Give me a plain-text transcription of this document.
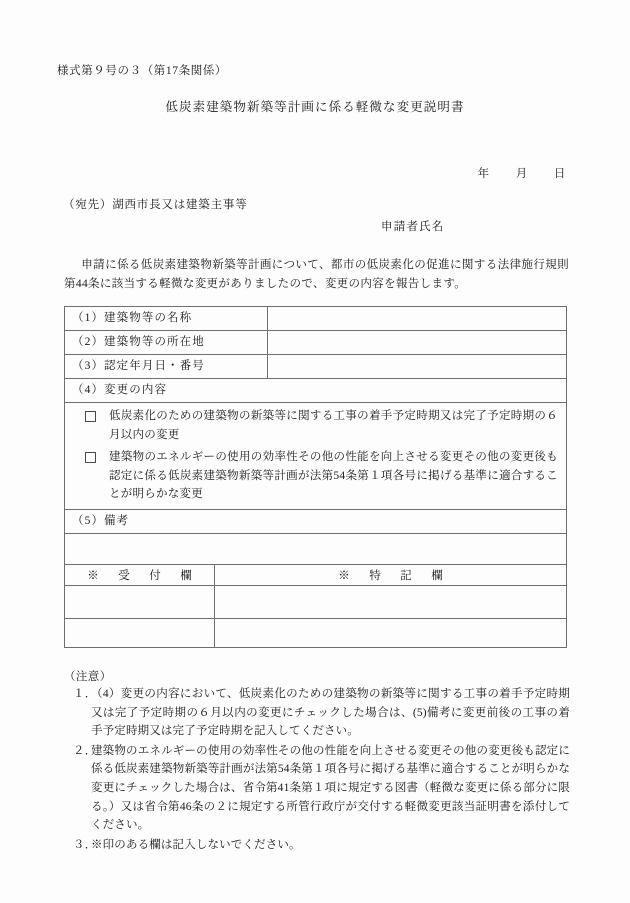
様式第９号の３（第17条関係）
低炭素建築物新築等計画に係る軽微な変更説明書
年 月 日
（宛先）湖西市長又は建築主事等
申請者氏名
申請に係る低炭素建築物新築等計画について、都市の低炭素化の促進に関する法律施行規則第44条に該当する軽微な変更がありましたので、変更の内容を報告します。
（1）建築物等の名称	
（2）建築物等の所在地	
（3）認定年月日・番号	
（4）変更の内容	

低炭素化のための建築物の新築等に関する工事の着手予定時期又は完了予定時期の６月以内の変更
建築物のエネルギーの使用の効率性その他の性能を向上させる変更その他の変更後も認定に係る低炭素建築物新築等計画が法第54条第１項各号に掲げる基準に適合することが明らかな変更	

（5）備考	

※　受　付　欄	※　特　記　欄

（注意）
１．
（4）変更の内容において、低炭素化のための建築物の新築等に関する工事の着手予定時期又は完了予定時期の６月以内の変更にチェックした場合は、(5)備考に変更前後の工事の着手予定時期又は完了予定時期を記入してください。
２．
建築物のエネルギーの使用の効率性その他の性能を向上させる変更その他の変更後も認定に係る低炭素建築物新築等計画が法第54条第１項各号に掲げる基準に適合することが明らかな変更にチェックした場合は、省令第41条第１項に規定する図書（軽微な変更に係る部分に限る。）又は省令第46条の２に規定する所管行政庁が交付する軽微変更該当証明書を添付してください。
３．
※印のある欄は記入しないでください。
